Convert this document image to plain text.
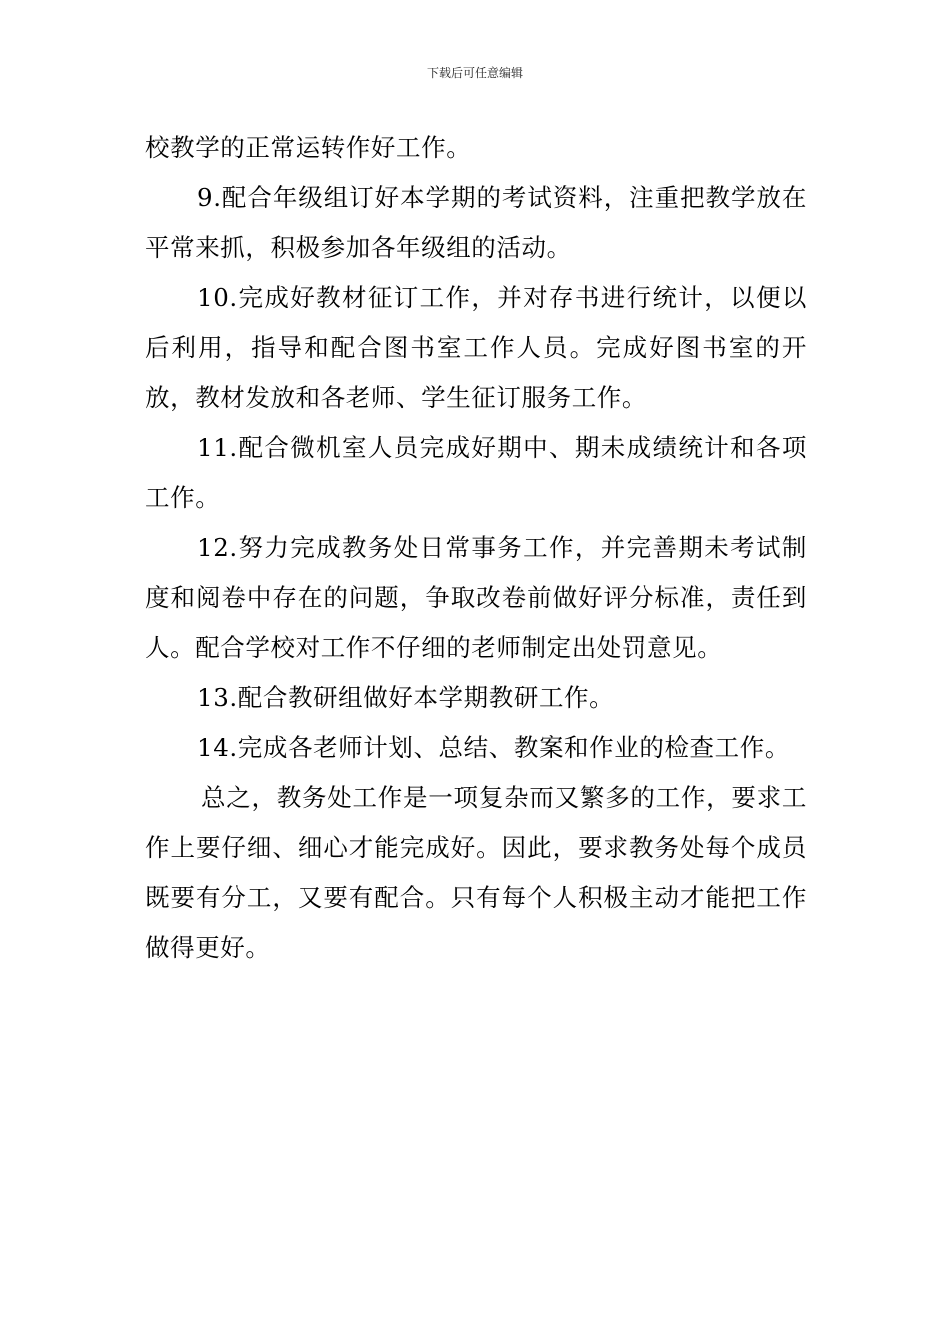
下载后可任意编辑

校教学的正常运转作好工作。

9.配合年级组订好本学期的考试资料，注重把教学放在平常来抓，积极参加各年级组的活动。

10.完成好教材征订工作，并对存书进行统计，以便以后利用，指导和配合图书室工作人员。完成好图书室的开放，教材发放和各老师、学生征订服务工作。

11.配合微机室人员完成好期中、期未成绩统计和各项工作。

12.努力完成教务处日常事务工作，并完善期未考试制度和阅卷中存在的问题，争取改卷前做好评分标准，责任到人。配合学校对工作不仔细的老师制定出处罚意见。

13.配合教研组做好本学期教研工作。

14.完成各老师计划、总结、教案和作业的检查工作。

总之，教务处工作是一项复杂而又繁多的工作，要求工作上要仔细、细心才能完成好。因此，要求教务处每个成员既要有分工，又要有配合。只有每个人积极主动才能把工作做得更好。
